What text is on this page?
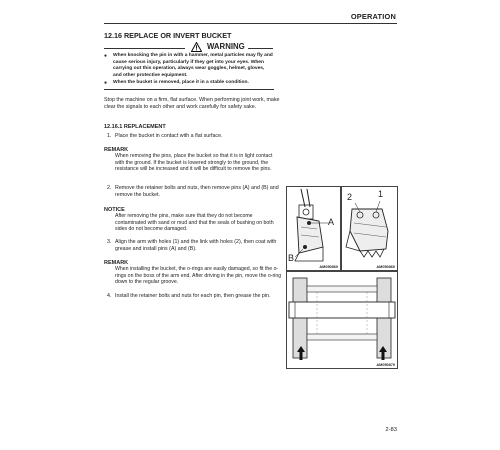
OPERATION
12.16 REPLACE OR INVERT BUCKET
WARNING
● When knocking the pin in with a hammer, metal particles may fly and cause serious injury, particularly if they get into your eyes. When carrying out this operation, always wear goggles, helmet, gloves, and other protective equipment.
● When the bucket is removed, place it in a stable condition.
Stop the machine on a firm, flat surface. When performing joint work, make clear the signals to each other and work carefully for safety sake.
12.16.1 REPLACEMENT
1. Place the bucket in contact with a flat surface.
REMARK
When removing the pins, place the bucket so that it is in light contact with the ground. If the bucket is lowered strongly to the ground, the resistance will be increased and it will be difficult to remove the pins.
2. Remove the retainer bolts and nuts, then remove pins (A) and (B) and remove the bucket.
NOTICE
After removing the pins, make sure that they do not become contaminated with sand or mud and that the seals of bushing on both sides do not become damaged.
3. Align the arm with holes (1) and the link with holes (2), then coat with grease and install pins (A) and (B).
REMARK
When installing the bucket, the o-rings are easily damaged, so fit the o-rings on the boss of the arm end. After driving in the pin, move the o-ring down to the regular groove.
4. Install the retainer bolts and nuts for each pin, then grease the pin.
A
B
AM050860
2	1
AM050860
AM050870
2-83
